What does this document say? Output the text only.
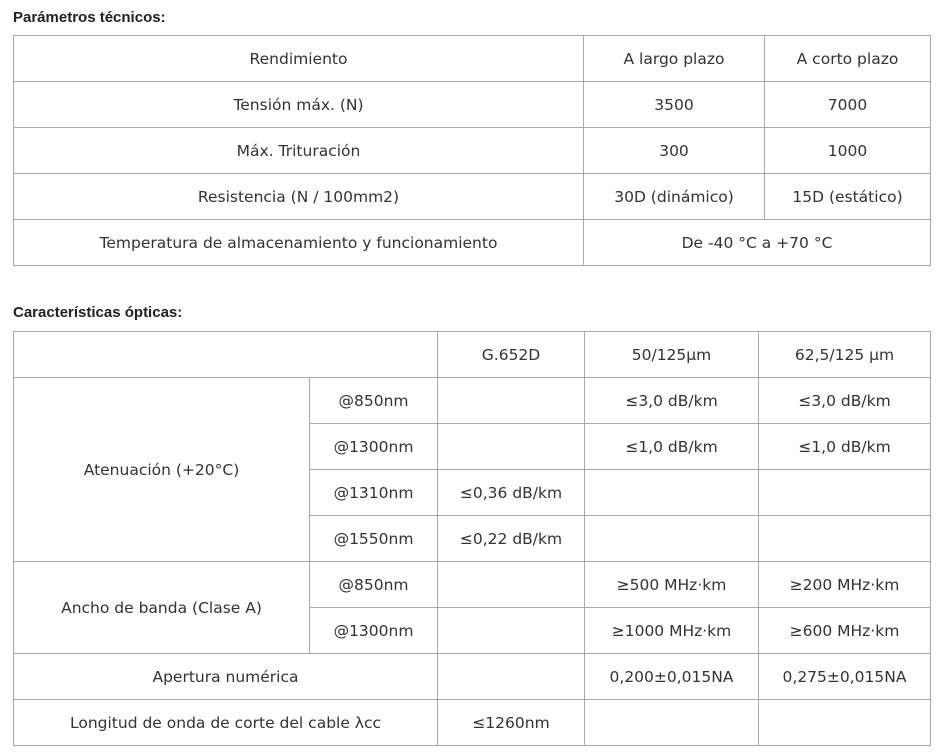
Parámetros técnicos:
Rendimiento	A largo plazo	A corto plazo
Tensión máx. (N)	3500	7000
Máx. Trituración	300	1000
Resistencia (N / 100mm2)	30D (dinámico)	15D (estático)
Temperatura de almacenamiento y funcionamiento	De -40 °C a +70 °C	
Características ópticas:
		G.652D	50/125μm	62,5/125 μm
Atenuación (+20°C)	@850nm		≤3,0 dB/km	≤3,0 dB/km
	@1300nm		≤1,0 dB/km	≤1,0 dB/km
	@1310nm	≤0,36 dB/km		
	@1550nm	≤0,22 dB/km		
Ancho de banda (Clase A)	@850nm		≥500 MHz·km	≥200 MHz·km
	@1300nm		≥1000 MHz·km	≥600 MHz·km
Apertura numérica			0,200±0,015NA	0,275±0,015NA
Longitud de onda de corte del cable λcc		≤1260nm		
